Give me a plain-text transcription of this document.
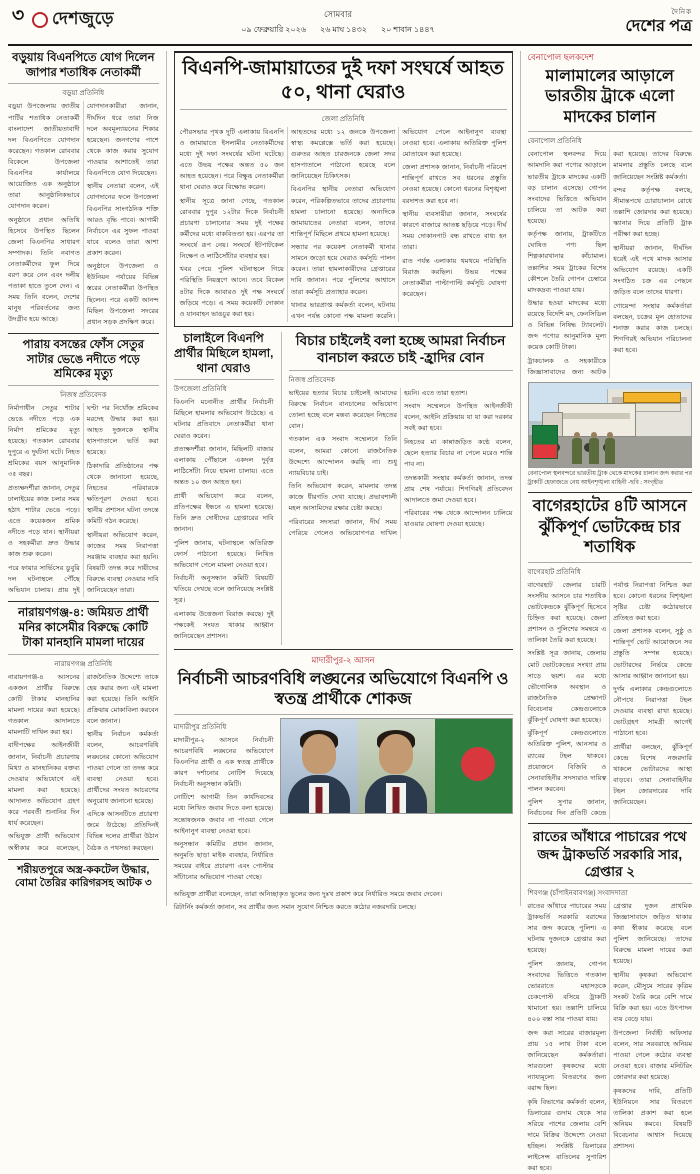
৩ দেশজুড়ে	সোমবার
০৯ ফেব্রুয়ারি ২০২৬ ২৬ মাঘ ১৪৩২ ২০ শাবান ১৪৪৭
দৈনিক
দেশের পত্র
বড়ুয়ায় বিএনপিতে যোগ দিলেন জাপার শতাধিক নেতাকর্মী
বড়ুয়া প্রতিনিধি

বড়ুয়া উপজেলায় জাতীয় পার্টির শতাধিক নেতাকর্মী বাংলাদেশ জাতীয়তাবাদী দল বিএনপিতে যোগদান করেছেন। গতকাল রোববার বিকেলে উপজেলা বিএনপির কার্যালয়ে আয়োজিত এক অনুষ্ঠানে তারা আনুষ্ঠানিকভাবে যোগদান করেন।

অনুষ্ঠানে প্রধান অতিথি হিসেবে উপস্থিত ছিলেন জেলা বিএনপির সাধারণ সম্পাদক। তিনি নবাগত নেতাকর্মীদের ফুল দিয়ে বরণ করে নেন এবং দলীয় পতাকা হাতে তুলে দেন। এ সময় তিনি বলেন, দেশের মানুষ পরিবর্তনের জন্য উদগ্রীব হয়ে আছে।

যোগদানকারীরা জানান, দীর্ঘদিন ধরে তারা নিজ দলে অবমূল্যায়নের শিকার হয়েছেন। জনগণের পাশে থেকে কাজ করার সুযোগ পাওয়ার আশাতেই তারা বিএনপিতে যোগ দিয়েছেন।

স্থানীয় নেতারা বলেন, এই যোগদানের ফলে উপজেলা বিএনপির সাংগঠনিক শক্তি আরও বৃদ্ধি পাবে। আগামী নির্বাচনে এর সুফল পাওয়া যাবে বলেও তারা আশা প্রকাশ করেন।

অনুষ্ঠানে উপজেলা ও ইউনিয়ন পর্যায়ের বিভিন্ন স্তরের নেতাকর্মীরা উপস্থিত ছিলেন। পরে একটি আনন্দ মিছিল উপজেলা সদরের প্রধান সড়ক প্রদক্ষিণ করে।

পারায় বসন্তের ফোঁস সেতুর সাটার ভেঙে নদীতে পড়ে শ্রমিকের মৃত্যু
নিজস্ব প্রতিবেদক

নির্মাণাধীন সেতুর শাটার ভেঙে নদীতে পড়ে এক নির্মাণ শ্রমিকের মৃত্যু হয়েছে। গতকাল রোববার দুপুরে এ দুর্ঘটনা ঘটে। নিহত শ্রমিকের বয়স আনুমানিক ৩৫ বছর।

প্রত্যক্ষদর্শীরা জানান, সেতুর ঢালাইয়ের কাজ চলার সময় হঠাৎ শাটার ভেঙে পড়ে। এতে কয়েকজন শ্রমিক নদীতে পড়ে যান। স্থানীয়রা ও সহকর্মীরা দ্রুত উদ্ধার কাজ শুরু করেন।

পরে ফায়ার সার্ভিসের ডুবুরি দল ঘটনাস্থলে পৌঁছে অভিযান চালায়। প্রায় দুই ঘণ্টা পর নিখোঁজ শ্রমিকের মরদেহ উদ্ধার করা হয়। আহত দুজনকে স্থানীয় হাসপাতালে ভর্তি করা হয়েছে।

ঠিকাদারি প্রতিষ্ঠানের পক্ষ থেকে জানানো হয়েছে, নিহতের পরিবারকে ক্ষতিপূরণ দেওয়া হবে। স্থানীয় প্রশাসন ঘটনা তদন্তে কমিটি গঠন করেছে।

স্থানীয়রা অভিযোগ করেন, কাজের সময় নিরাপত্তা সরঞ্জাম ব্যবহার করা হয়নি। বিষয়টি তদন্ত করে দায়ীদের বিরুদ্ধে ব্যবস্থা নেওয়ার দাবি জানিয়েছেন তারা।

নারায়ণগঞ্জ-৪: জমিয়ত প্রার্থী মনির কাসেমীর বিরুদ্ধে কোটি টাকা মানহানি মামলা দায়ের
নারায়ণগঞ্জ প্রতিনিধি

নারায়ণগঞ্জ-৪ আসনের একজন প্রার্থীর বিরুদ্ধে কোটি টাকার মানহানির মামলা দায়ের করা হয়েছে। গতকাল আদালতে মামলাটি দাখিল করা হয়।

বাদীপক্ষের আইনজীবী জানান, নির্বাচনী প্রচারণায় মিথ্যা ও মানহানিকর বক্তব্য দেওয়ার অভিযোগে এই মামলা করা হয়েছে। আদালত অভিযোগ গ্রহণ করে পরবর্তী শুনানির দিন ধার্য করেছেন।

অভিযুক্ত প্রার্থী অভিযোগ অস্বীকার করে বলেছেন, রাজনৈতিক উদ্দেশ্যে তাকে হেয় করার জন্য এই মামলা করা হয়েছে। তিনি আইনি প্রক্রিয়ায় মোকাবিলা করবেন বলে জানান।

স্থানীয় নির্বাচন কর্মকর্তা বলেন, আচরণবিধি লঙ্ঘনের কোনো অভিযোগ পাওয়া গেলে তা তদন্ত করে ব্যবস্থা নেওয়া হবে। প্রার্থীদের সংযত আচরণের অনুরোধ জানানো হয়েছে।

এদিকে আসনটিতে প্রচারণা জমে উঠেছে। প্রতিদিনই বিভিন্ন দলের প্রার্থীরা উঠান বৈঠক ও পথসভা করছেন।

শরীয়তপুরে অস্ত্র-ককটেল উদ্ধার, বোমা তৈরির কারিগরসহ আটক ৩
বিএনপি-জামায়াতের দুই দফা সংঘর্ষে আহত ৫০, থানা ঘেরাও
জেলা প্রতিনিধি

পৌরসভার পৃথক দুটি এলাকায় বিএনপি ও জামায়াতে ইসলামীর নেতাকর্মীদের মধ্যে দুই দফা সংঘর্ষের ঘটনা ঘটেছে। এতে উভয় পক্ষের অন্তত ৫০ জন আহত হয়েছেন। পরে বিক্ষুব্ধ নেতাকর্মীরা থানা ঘেরাও করে বিক্ষোভ করেন।

স্থানীয় সূত্রে জানা গেছে, গতকাল রোববার দুপুর ১২টার দিকে নির্বাচনী প্রচারণা চালানোর সময় দুই পক্ষের কর্মীদের মধ্যে বাকবিতণ্ডা হয়। এরপর তা সংঘর্ষে রূপ নেয়। সংঘর্ষে ইটপাটকেল নিক্ষেপ ও লাঠিসোঁটার ব্যবহার হয়।

খবর পেয়ে পুলিশ ঘটনাস্থলে গিয়ে পরিস্থিতি নিয়ন্ত্রণে আনে। তবে বিকেল ৪টার দিকে আবারও দুই পক্ষ সংঘর্ষে জড়িয়ে পড়ে। এ সময় কয়েকটি দোকান ও যানবাহন ভাঙচুর করা হয়।

আহতদের মধ্যে ১২ জনকে উপজেলা স্বাস্থ্য কমপ্লেক্সে ভর্তি করা হয়েছে। গুরুতর আহত চারজনকে জেলা সদর হাসপাতালে পাঠানো হয়েছে বলে জানিয়েছেন চিকিৎসক।

বিএনপির স্থানীয় নেতারা অভিযোগ করেন, পরিকল্পিতভাবে তাদের প্রচারণায় হামলা চালানো হয়েছে। অন্যদিকে জামায়াতের নেতারা বলেন, তাদের শান্তিপূর্ণ মিছিলে প্রথমে হামলা হয়েছে।

সন্ধ্যার পর কয়েকশ নেতাকর্মী থানার সামনে জড়ো হয়ে ঘেরাও কর্মসূচি পালন করেন। তারা হামলাকারীদের গ্রেপ্তারের দাবি জানান। পরে পুলিশের আশ্বাসে তারা কর্মসূচি প্রত্যাহার করেন।

থানার ভারপ্রাপ্ত কর্মকর্তা বলেন, ঘটনায় এখন পর্যন্ত কোনো পক্ষ মামলা করেনি। অভিযোগ পেলে আইনানুগ ব্যবস্থা নেওয়া হবে। এলাকায় অতিরিক্ত পুলিশ মোতায়েন করা হয়েছে।

জেলা প্রশাসক জানান, নির্বাচনী পরিবেশ শান্তিপূর্ণ রাখতে সব ধরনের প্রস্তুতি নেওয়া হয়েছে। কোনো ধরনের বিশৃঙ্খলা বরদাশত করা হবে না।

স্থানীয় ব্যবসায়ীরা জানান, সংঘর্ষের কারণে বাজারে আতঙ্ক ছড়িয়ে পড়ে। দীর্ঘ সময় দোকানপাট বন্ধ রাখতে বাধ্য হন তারা।

রাত পর্যন্ত এলাকায় থমথমে পরিস্থিতি বিরাজ করছিল। উভয় পক্ষের নেতাকর্মীরা পাল্টাপাল্টি কর্মসূচি ঘোষণা করেছেন।

চালাইলে বিএনপি প্রার্থীর মিছিলে হামলা, থানা ঘেরাও
উপজেলা প্রতিনিধি

বিএনপি মনোনীত প্রার্থীর নির্বাচনী মিছিলে হামলার অভিযোগ উঠেছে। এ ঘটনার প্রতিবাদে নেতাকর্মীরা থানা ঘেরাও করেন।

প্রত্যক্ষদর্শীরা জানান, মিছিলটি বাজার এলাকায় পৌঁছালে একদল দুর্বৃত্ত লাঠিসোঁটা নিয়ে হামলা চালায়। এতে অন্তত ১০ জন আহত হন।

প্রার্থী অভিযোগ করে বলেন, প্রতিপক্ষের ইন্ধনে এ হামলা হয়েছে। তিনি দ্রুত দোষীদের গ্রেপ্তারের দাবি জানান।

পুলিশ জানায়, ঘটনাস্থলে অতিরিক্ত ফোর্স পাঠানো হয়েছে। লিখিত অভিযোগ পেলে মামলা নেওয়া হবে।

নির্বাচনী অনুসন্ধান কমিটি বিষয়টি খতিয়ে দেখছে বলে জানিয়েছে সংশ্লিষ্ট সূত্র।

এলাকায় উত্তেজনা বিরাজ করছে। দুই পক্ষকেই সংযত থাকার আহ্বান জানিয়েছেন প্রশাসন।

বিচার চাইলেই বলা হচ্ছে আমরা নির্বাচন বানচাল করতে চাই -হ্রাদির বোন
নিজস্ব প্রতিবেদক

ভাইয়ের হত্যার বিচার চাইলেই আমাদের বিরুদ্ধে নির্বাচন বানচালের অভিযোগ তোলা হচ্ছে বলে মন্তব্য করেছেন নিহতের বোন।

গতকাল এক সংবাদ সম্মেলনে তিনি বলেন, আমরা কোনো রাজনৈতিক উদ্দেশ্যে আন্দোলন করছি না। শুধু ন্যায়বিচার চাই।

তিনি অভিযোগ করেন, মামলার তদন্ত কাজে ধীরগতি দেখা যাচ্ছে। প্রভাবশালী মহল আসামিদের রক্ষার চেষ্টা করছে।

পরিবারের সদস্যরা জানান, দীর্ঘ সময় পেরিয়ে গেলেও অভিযোগপত্র দাখিল হয়নি। এতে তারা হতাশ।

সংবাদ সম্মেলনে উপস্থিত আইনজীবী বলেন, আইনি প্রক্রিয়ায় যা যা করা দরকার সবই করা হবে।

নিহতের মা কান্নাজড়িত কণ্ঠে বলেন, ছেলে হত্যার বিচার না পেলে মরেও শান্তি পাব না।

তদন্তকারী সংস্থার কর্মকর্তা জানান, তদন্ত প্রায় শেষ পর্যায়ে। শিগগিরই প্রতিবেদন আদালতে জমা দেওয়া হবে।

পরিবারের পক্ষ থেকে আন্দোলন চালিয়ে যাওয়ার ঘোষণা দেওয়া হয়েছে।

মাদারীপুর-২ আসন
নির্বাচনী আচরণবিধি লঙ্ঘনের অভিযোগে বিএনপি ও স্বতন্ত্র প্রার্থীকে শোকজ
মাদারীপুর প্রতিনিধি

মাদারীপুর-২ আসনে নির্বাচনী আচরণবিধি লঙ্ঘনের অভিযোগে বিএনপির প্রার্থী ও এক স্বতন্ত্র প্রার্থীকে কারণ দর্শানোর নোটিশ দিয়েছে নির্বাচনী অনুসন্ধান কমিটি।

নোটিশে আগামী তিন কার্যদিবসের মধ্যে লিখিত জবাব দিতে বলা হয়েছে। সন্তোষজনক জবাব না পাওয়া গেলে আইনানুগ ব্যবস্থা নেওয়া হবে।

অনুসন্ধান কমিটির প্রধান জানান, অনুমতি ছাড়া মাইক ব্যবহার, নির্ধারিত সময়ের বাইরে প্রচারণা এবং পোস্টার সাঁটানোর অভিযোগ পাওয়া গেছে।

অভিযুক্ত প্রার্থীরা বলেছেন, তারা অনিচ্ছাকৃত ভুলের জন্য দুঃখ প্রকাশ করে নির্ধারিত সময়ে জবাব দেবেন।

রিটার্নিং কর্মকর্তা জানান, সব প্রার্থীর জন্য সমান সুযোগ নিশ্চিত করতে কঠোর নজরদারি চলছে।

বেনাপোল ছলকদেশ
মালামালের আড়ালে ভারতীয় ট্রাকে এলো মাদকের চালান
বেনাপোল প্রতিনিধি

বেনাপোল স্থলবন্দর দিয়ে আমদানি করা পণ্যের আড়ালে ভারতীয় ট্রাকে মাদকের একটি বড় চালান এসেছে। গোপন সংবাদের ভিত্তিতে অভিযান চালিয়ে তা আটক করা হয়েছে।

কর্তৃপক্ষ জানায়, ট্রাকটিতে ঘোষিত পণ্য ছিল শিল্পকারখানার কাঁচামাল। তল্লাশির সময় ট্রাকের বিশেষ কৌশলে তৈরি গোপন চেম্বারে মাদকদ্রব্য পাওয়া যায়।

উদ্ধার হওয়া মাদকের মধ্যে রয়েছে বিদেশি মদ, ফেনসিডিল ও বিভিন্ন নিষিদ্ধ ট্যাবলেট। জব্দ পণ্যের আনুমানিক মূল্য কয়েক কোটি টাকা।

ট্রাকচালক ও সহকারীকে জিজ্ঞাসাবাদের জন্য আটক করা হয়েছে। তাদের বিরুদ্ধে মামলার প্রস্তুতি চলছে বলে জানিয়েছেন সংশ্লিষ্ট কর্মকর্তা।

বন্দর কর্তৃপক্ষ বলছে, সীমান্তপথে চোরাচালান রোধে তল্লাশি জোরদার করা হয়েছে। স্ক্যানার দিয়ে প্রতিটি ট্রাক পরীক্ষা করা হচ্ছে।

স্থানীয়রা জানান, দীর্ঘদিন ধরেই এই পথে মাদক আসার অভিযোগ রয়েছে। একটি সংগঠিত চক্র এর পেছনে জড়িত বলে তাদের ধারণা।

গোয়েন্দা সংস্থার কর্মকর্তারা বলছেন, চক্রের মূল হোতাদের শনাক্ত করার কাজ চলছে। শিগগিরই অভিযান পরিচালনা করা হবে।

বেনাপোল স্থলবন্দরে ভারতীয় ট্রাক থেকে মাদকের চালান জব্দ করার পর ট্রাকটি হেফাজতে নেয় আইনশৃঙ্খলা বাহিনী -ছবি : সংগৃহীত
বাগেরহাটের ৪টি আসনে ঝুঁকিপূর্ণ ভোটকেন্দ্র চার শতাধিক
বাগেরহাট প্রতিনিধি

বাগেরহাট জেলার চারটি সংসদীয় আসনে চার শতাধিক ভোটকেন্দ্রকে ঝুঁকিপূর্ণ হিসেবে চিহ্নিত করা হয়েছে। জেলা প্রশাসন ও পুলিশের সমন্বয়ে এ তালিকা তৈরি করা হয়েছে।

সংশ্লিষ্ট সূত্র জানায়, জেলায় মোট ভোটকেন্দ্রের সংখ্যা প্রায় সাড়ে ছয়শ। এর মধ্যে ভৌগোলিক অবস্থান ও রাজনৈতিক প্রেক্ষাপট বিবেচনায় কেন্দ্রগুলোকে ঝুঁকিপূর্ণ ঘোষণা করা হয়েছে।

ঝুঁকিপূর্ণ কেন্দ্রগুলোতে অতিরিক্ত পুলিশ, আনসার ও র‍্যাবের টহল থাকবে। প্রয়োজনে বিজিবি ও সেনাবাহিনীর সদস্যরাও দায়িত্ব পালন করবেন।

পুলিশ সুপার জানান, নির্বাচনের দিন প্রতিটি কেন্দ্রে পর্যাপ্ত নিরাপত্তা নিশ্চিত করা হবে। কোনো ধরনের বিশৃঙ্খলা সৃষ্টির চেষ্টা কঠোরভাবে প্রতিহত করা হবে।

জেলা প্রশাসক বলেন, সুষ্ঠু ও শান্তিপূর্ণ ভোট আয়োজনে সব প্রস্তুতি সম্পন্ন হয়েছে। ভোটারদের নির্ভয়ে কেন্দ্রে আসার আহ্বান জানানো হয়।

দুর্গম এলাকার কেন্দ্রগুলোতে নৌপথে নিরাপত্তা টহল দেওয়ার ব্যবস্থা রাখা হয়েছে। ভোটগ্রহণ সামগ্রী আগেই পাঠানো হবে।

প্রার্থীরা বলছেন, ঝুঁকিপূর্ণ কেন্দ্রে বিশেষ নজরদারি থাকলে ভোটারদের আস্থা বাড়বে। তারা সেনাবাহিনীর টহল জোরদারের দাবি জানিয়েছেন।

রাতের আঁধারে পাচারের পথে জব্দ ট্রাকভর্তি সরকারি সার, গ্রেপ্তার ২
শিবগঞ্জ (চাঁপাইনবাবগঞ্জ) সংবাদদাতা

রাতের আঁধারে পাচারের সময় ট্রাকভর্তি সরকারি বরাদ্দের সার জব্দ করেছে পুলিশ। এ ঘটনায় দুজনকে গ্রেপ্তার করা হয়েছে।

পুলিশ জানায়, গোপন সংবাদের ভিত্তিতে গতকাল ভোররাতে মহাসড়কে চেকপোস্ট বসিয়ে ট্রাকটি থামানো হয়। তল্লাশি চালিয়ে ৪০০ বস্তা সার পাওয়া যায়।

জব্দ করা সারের বাজারমূল্য প্রায় ১৫ লাখ টাকা বলে জানিয়েছেন কর্মকর্তারা। সারগুলো কৃষকদের মধ্যে ন্যায্যমূল্যে বিতরণের জন্য বরাদ্দ ছিল।

কৃষি বিভাগের কর্মকর্তা বলেন, ডিলারের গুদাম থেকে সার সরিয়ে পাশের জেলায় বেশি দামে বিক্রির উদ্দেশ্যে নেওয়া হচ্ছিল। সংশ্লিষ্ট ডিলারের লাইসেন্স বাতিলের সুপারিশ করা হবে।

গ্রেপ্তার দুজন প্রাথমিক জিজ্ঞাসাবাদে জড়িত থাকার কথা স্বীকার করেছে বলে পুলিশ জানিয়েছে। তাদের বিরুদ্ধে মামলা দায়ের করা হয়েছে।

স্থানীয় কৃষকরা অভিযোগ করেন, মৌসুমে সারের কৃত্রিম সংকট তৈরি করে বেশি দামে বিক্রি করা হয়। এতে উৎপাদন ব্যয় বেড়ে যায়।

উপজেলা নির্বাহী অফিসার বলেন, সার সরবরাহে অনিয়ম পাওয়া গেলে কঠোর ব্যবস্থা নেওয়া হবে। বাজার মনিটরিং জোরদার করা হয়েছে।

কৃষকদের দাবি, প্রতিটি ইউনিয়নে সার বিতরণে তালিকা প্রকাশ করা হলে অনিয়ম কমবে। বিষয়টি বিবেচনার আশ্বাস দিয়েছে প্রশাসন।
